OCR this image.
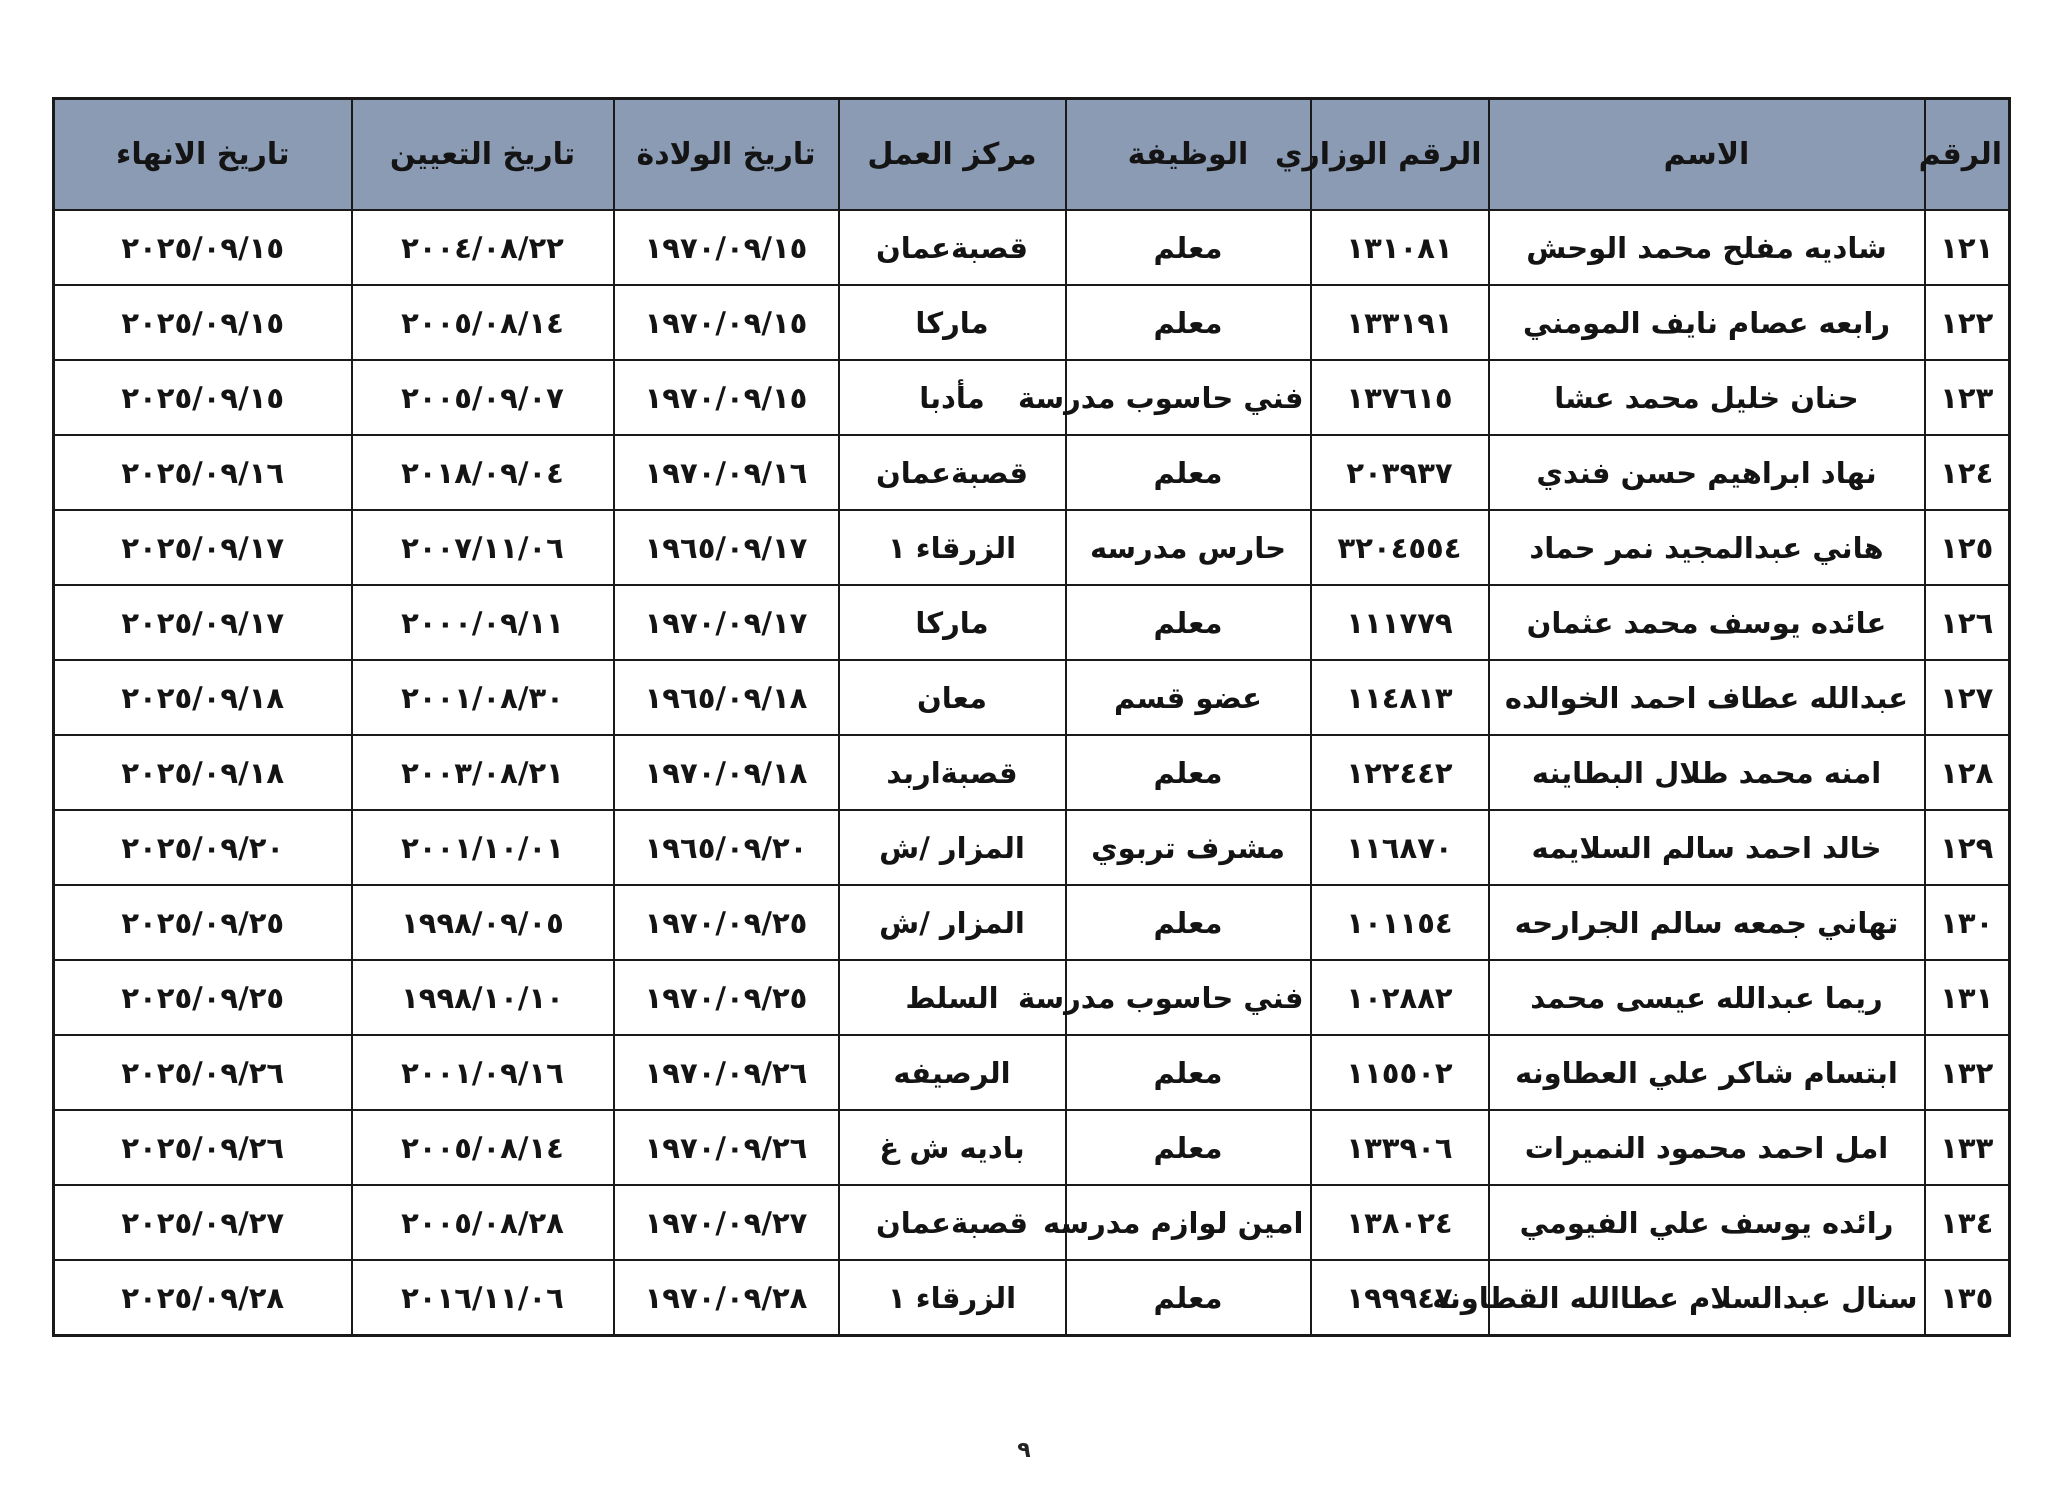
الرقم	الاسم	الرقم الوزاري	الوظيفة	مركز العمل	تاريخ الولادة	تاريخ التعيين	تاريخ الانهاء
١٢١	شاديه مفلح محمد الوحش	١٣١٠٨١	معلم	قصبةعمان	١٩٧٠/٠٩/١٥	٢٠٠٤/٠٨/٢٢	٢٠٢٥/٠٩/١٥
١٢٢	رابعه عصام نايف المومني	١٣٣١٩١	معلم	ماركا	١٩٧٠/٠٩/١٥	٢٠٠٥/٠٨/١٤	٢٠٢٥/٠٩/١٥
١٢٣	حنان خليل محمد عشا	١٣٧٦١٥	فني حاسوب مدرسة	مأدبا	١٩٧٠/٠٩/١٥	٢٠٠٥/٠٩/٠٧	٢٠٢٥/٠٩/١٥
١٢٤	نهاد ابراهيم حسن فندي	٢٠٣٩٣٧	معلم	قصبةعمان	١٩٧٠/٠٩/١٦	٢٠١٨/٠٩/٠٤	٢٠٢٥/٠٩/١٦
١٢٥	هاني عبدالمجيد نمر حماد	٣٢٠٤٥٥٤	حارس مدرسه	الزرقاء ١	١٩٦٥/٠٩/١٧	٢٠٠٧/١١/٠٦	٢٠٢٥/٠٩/١٧
١٢٦	عائده يوسف محمد عثمان	١١١٧٧٩	معلم	ماركا	١٩٧٠/٠٩/١٧	٢٠٠٠/٠٩/١١	٢٠٢٥/٠٩/١٧
١٢٧	عبدالله عطاف احمد الخوالده	١١٤٨١٣	عضو قسم	معان	١٩٦٥/٠٩/١٨	٢٠٠١/٠٨/٣٠	٢٠٢٥/٠٩/١٨
١٢٨	امنه محمد طلال البطاينه	١٢٢٤٤٢	معلم	قصبةاربد	١٩٧٠/٠٩/١٨	٢٠٠٣/٠٨/٢١	٢٠٢٥/٠٩/١٨
١٢٩	خالد احمد سالم السلايمه	١١٦٨٧٠	مشرف تربوي	المزار /ش	١٩٦٥/٠٩/٢٠	٢٠٠١/١٠/٠١	٢٠٢٥/٠٩/٢٠
١٣٠	تهاني جمعه سالم الجرارحه	١٠١١٥٤	معلم	المزار /ش	١٩٧٠/٠٩/٢٥	١٩٩٨/٠٩/٠٥	٢٠٢٥/٠٩/٢٥
١٣١	ريما عبدالله عيسى محمد	١٠٢٨٨٢	فني حاسوب مدرسة	السلط	١٩٧٠/٠٩/٢٥	١٩٩٨/١٠/١٠	٢٠٢٥/٠٩/٢٥
١٣٢	ابتسام شاكر علي العطاونه	١١٥٥٠٢	معلم	الرصيفه	١٩٧٠/٠٩/٢٦	٢٠٠١/٠٩/١٦	٢٠٢٥/٠٩/٢٦
١٣٣	امل احمد محمود النميرات	١٣٣٩٠٦	معلم	باديه ش غ	١٩٧٠/٠٩/٢٦	٢٠٠٥/٠٨/١٤	٢٠٢٥/٠٩/٢٦
١٣٤	رائده يوسف علي الفيومي	١٣٨٠٢٤	امين لوازم مدرسه	قصبةعمان	١٩٧٠/٠٩/٢٧	٢٠٠٥/٠٨/٢٨	٢٠٢٥/٠٩/٢٧
١٣٥	سنال عبدالسلام عطاالله القطاونه	١٩٩٩٤٧	معلم	الزرقاء ١	١٩٧٠/٠٩/٢٨	٢٠١٦/١١/٠٦	٢٠٢٥/٠٩/٢٨
٩
